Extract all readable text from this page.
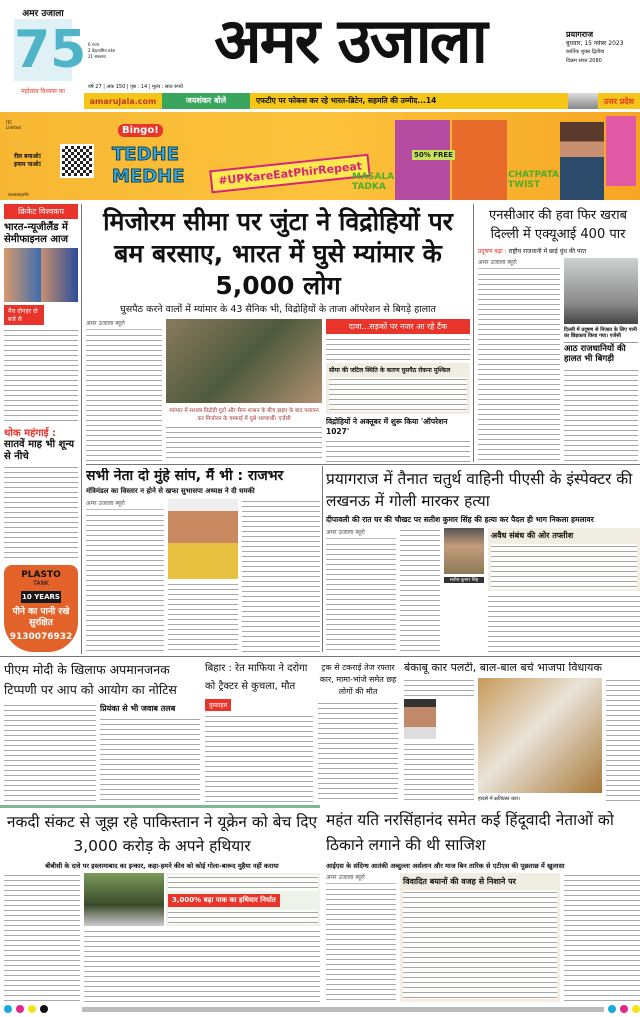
अमर उजाला
75
महोत्सव विश्वास का
6 राज्य
2 केंद्रशासित प्रदेश
21 संस्करण
वर्ष 27 | अंक 150 | पृष्ठ : 14 | मूल्य : सात रुपये
अमर उजाला	प्रयागराज
बुधवार, 15 नवंबर 2023
कार्तिक शुक्ल द्वितीया
विक्रम संवत 2080
amarujala.com	जयशंकर बोले	एफटीए पर फोकस कर रहे भारत-ब्रिटेन, सहमति की उम्मीद...14	उत्तर प्रदेश
ITC Limited
रील बनाओ! इनाम पाओ!
Bingo!
TEDHE MEDHE	#UPKareEatPhirRepeat
50% FREE
MASALA TADKA
CHATPATA TWIST
एडवरटाइज़मेंट
क्रिकेट विश्वकप
भारत-न्यूजीलैंड में सेमीफाइनल आज
मैच दोपहर दो बजे से
थोक महंगाई : सातवें माह भी शून्य से नीचे
PLASTO
TANK
10 YEARS
पीने का पानी रखे सुरक्षित
9130076932
मिजोरम सीमा पर जुंटा ने विद्रोहियों पर बम बरसाए, भारत में घुसे म्यांमार के 5,000 लोग
घुसपैठ करने वालों में म्यांमार के 43 सैनिक भी, विद्रोहियों के ताजा ऑपरेशन से बिगड़े हालात
अमर उजाला ब्यूरो
म्यांमार में सशस्त्र विद्रोही गुटों और सैन्य शासन के बीच झड़प के बाद पलायन कर मिजोरम के चम्फाई में घुसे शरणार्थी। एजेंसी
दावा...सड़कों पर नजर आ रहे टैंक
सीमा की जटिल स्थिति के कारण घुसपैठ रोकना मुश्किल
विद्रोहियों ने अक्तूबर में शुरू किया 'ऑपरेशन 1027'
एनसीआर की हवा फिर खराब दिल्ली में एक्यूआई 400 पार
प्रदूषण बढ़ा : राष्ट्रीय राजधानी में छाई धुंध की परत
अमर उजाला ब्यूरो
दिल्ली में प्रदूषण से निजात के लिए पानी का छिड़काव किया गया। एजेंसी
आठ राजधानियों की हालत भी बिगड़ी
सभी नेता दो मुंहे सांप, मैं भी : राजभर
मंत्रिमंडल का विस्तार न होने से खफा सुभासपा अध्यक्ष ने दी धमकी
अमर उजाला ब्यूरो
प्रयागराज में तैनात चतुर्थ वाहिनी पीएसी के इंस्पेक्टर की लखनऊ में गोली मारकर हत्या
दीपावली की रात घर की चौखट पर सतीश कुमार सिंह की हत्या कर पैदल ही भाग निकला हमलावर
अमर उजाला ब्यूरो
सतीश कुमार सिंह
अवैध संबंध की ओर तफ्तीश
पीएम मोदी के खिलाफ अपमानजनक टिप्पणी पर आप को आयोग का नोटिस
प्रियंका से भी जवाब तलब
बिहार : रेत माफिया ने दरोगा को ट्रैक्टर से कुचला, मौत
दुस्साहस
ट्रक से टकराई तेज रफ्तार कार, मामा-भांजे समेत छह लोगों की मौत
बेकाबू कार पलटी, बाल-बाल बचे भाजपा विधायक
हादसे में क्षतिग्रस्त कार।
नकदी संकट से जूझ रहे पाकिस्तान ने यूक्रेन को बेच दिए 3,000 करोड़ के अपने हथियार
बीबीसी के दावे पर इस्लामाबाद का इन्कार, कहा-हमने कीव को कोई गोला-बारूद मुहैया नहीं कराया
3,000% बढ़ा पाक का हथियार निर्यात
महंत यति नरसिंहानंद समेत कई हिंदूवादी नेताओं को ठिकाने लगाने की थी साजिश
आईएस के संदिग्ध आतंकी अब्दुल्ला अर्सलान और माज बिन तारिक से एटीएस की पूछताछ में खुलासा
अमर उजाला ब्यूरो	विवादित बयानों की वजह से निशाने पर
